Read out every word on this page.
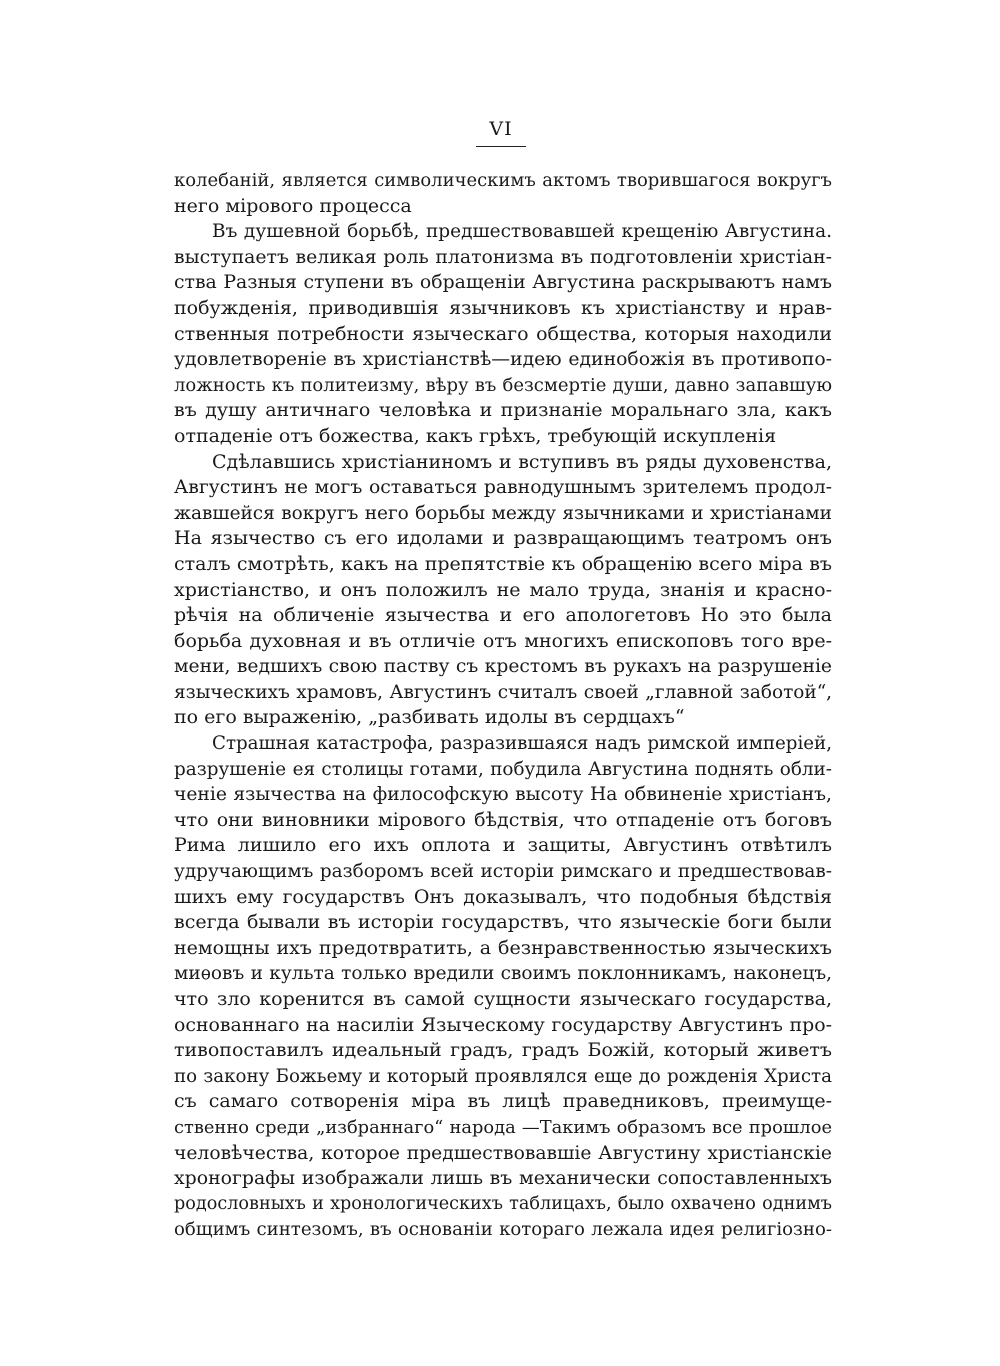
VI

колебаній, является символическимъ актомъ творившагося вокругъ
него мірового процесса

Въ душевной борьбѣ, предшествовавшей крещенію Августина.
выступаетъ великая роль платонизма въ подготовленіи христіан-
ства Разныя ступени въ обращеніи Августина раскрываютъ намъ
побужденія, приводившія язычниковъ къ христіанству и нрав-
ственныя потребности языческаго общества, которыя находили
удовлетвореніе въ христіанствѣ—идею единобожія въ противопо-
ложность къ политеизму, вѣру въ безсмертіе души, давно запавшую
въ душу античнаго человѣка и признаніе моральнаго зла, какъ
отпаденіе отъ божества, какъ грѣхъ, требующій искупленія

Сдѣлавшись христіаниномъ и вступивъ въ ряды духовенства,
Августинъ не могъ оставаться равнодушнымъ зрителемъ продол-
жавшейся вокругъ него борьбы между язычниками и христіанами
На язычество съ его идолами и развращающимъ театромъ онъ
сталъ смотрѣть, какъ на препятствіе къ обращенію всего міра въ
христіанство, и онъ положилъ не мало труда, знанія и красно-
рѣчія на обличеніе язычества и его апологетовъ Но это была
борьба духовная и въ отличіе отъ многихъ епископовъ того вре-
мени, ведшихъ свою паству съ крестомъ въ рукахъ на разрушеніе
языческихъ храмовъ, Августинъ считалъ своей „главной заботой“,
по его выраженію, „разбивать идолы въ сердцахъ“

Страшная катастрофа, разразившаяся надъ римской имперіей,
разрушеніе ея столицы готами, побудила Августина поднять обли-
ченіе язычества на философскую высоту На обвиненіе христіанъ,
что они виновники мірового бѣдствія, что отпаденіе отъ боговъ
Рима лишило его ихъ оплота и защиты, Августинъ отвѣтилъ
удручающимъ разборомъ всей исторіи римскаго и предшествовав-
шихъ ему государствъ Онъ доказывалъ, что подобныя бѣдствія
всегда бывали въ исторіи государствъ, что языческіе боги были
немощны ихъ предотвратить, а безнравственностью языческихъ
миѳовъ и культа только вредили своимъ поклонникамъ, наконецъ,
что зло коренится въ самой сущности языческаго государства,
основаннаго на насиліи Языческому государству Августинъ про-
тивопоставилъ идеальный градъ, градъ Божій, который живетъ
по закону Божьему и который проявлялся еще до рожденія Христа
съ самаго сотворенія міра въ лицѣ праведниковъ, преимуще-
ственно среди „избраннаго“ народа —Такимъ образомъ все прошлое
человѣчества, которое предшествовавшіе Августину христіанскіе
хронографы изображали лишь въ механически сопоставленныхъ
родословныхъ и хронологическихъ таблицахъ, было охвачено однимъ
общимъ синтезомъ, въ основаніи котораго лежала идея религіозно-
